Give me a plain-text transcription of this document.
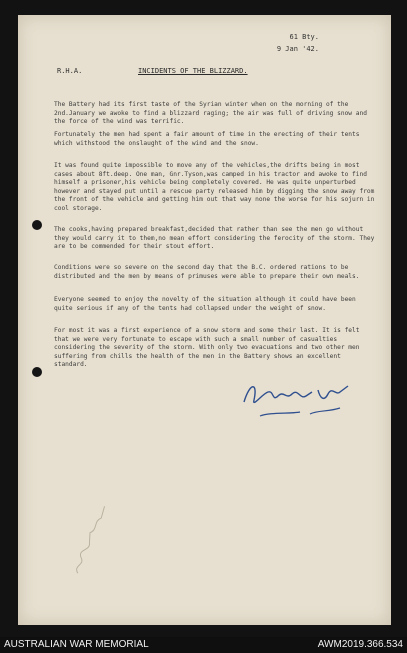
61 Bty.
9 Jan '42.
R.H.A.	INCIDENTS OF THE BLIZZARD.

The Battery had its first taste of the Syrian winter when on the morning of the 2nd.January we awoke to find a blizzard raging; the air was full of driving snow and the force of the wind was terrific.

Fortunately the men had spent a fair amount of time in the erecting of their tents which withstood the onslaught of the wind and the snow.

It was found quite impossible to move any of the vehicles,the drifts being in most cases about 8ft.deep. One man, Gnr.Tyson,was camped in his tractor and awoke to find himself a prisoner,his vehicle being completely covered. He was quite unperturbed however and stayed put until a rescue party released him by digging the snow away from the front of the vehicle and getting him out that way none the worse for his sojurn in cool storage.

The cooks,having prepared breakfast,decided that rather than see the men go without they would carry it to them,no mean effort considering the ferocity of the storm. They are to be commended for their stout effort.

Conditions were so severe on the second day that the B.C. ordered rations to be distributed and the men by means of primuses were able to prepare their own meals.

Everyone seemed to enjoy the novelty of the situation although it could have been quite serious if any of the tents had collapsed under the weight of snow.

For most it was a first experience of a snow storm and some their last. It is felt that we were very fortunate to escape with such a small number of casualties considering the severity of the storm. With only two evacuations and two other men suffering from chills the health of the men in the Battery shows an excellent standard.

AUSTRALIAN WAR MEMORIAL	AWM2019.366.534
